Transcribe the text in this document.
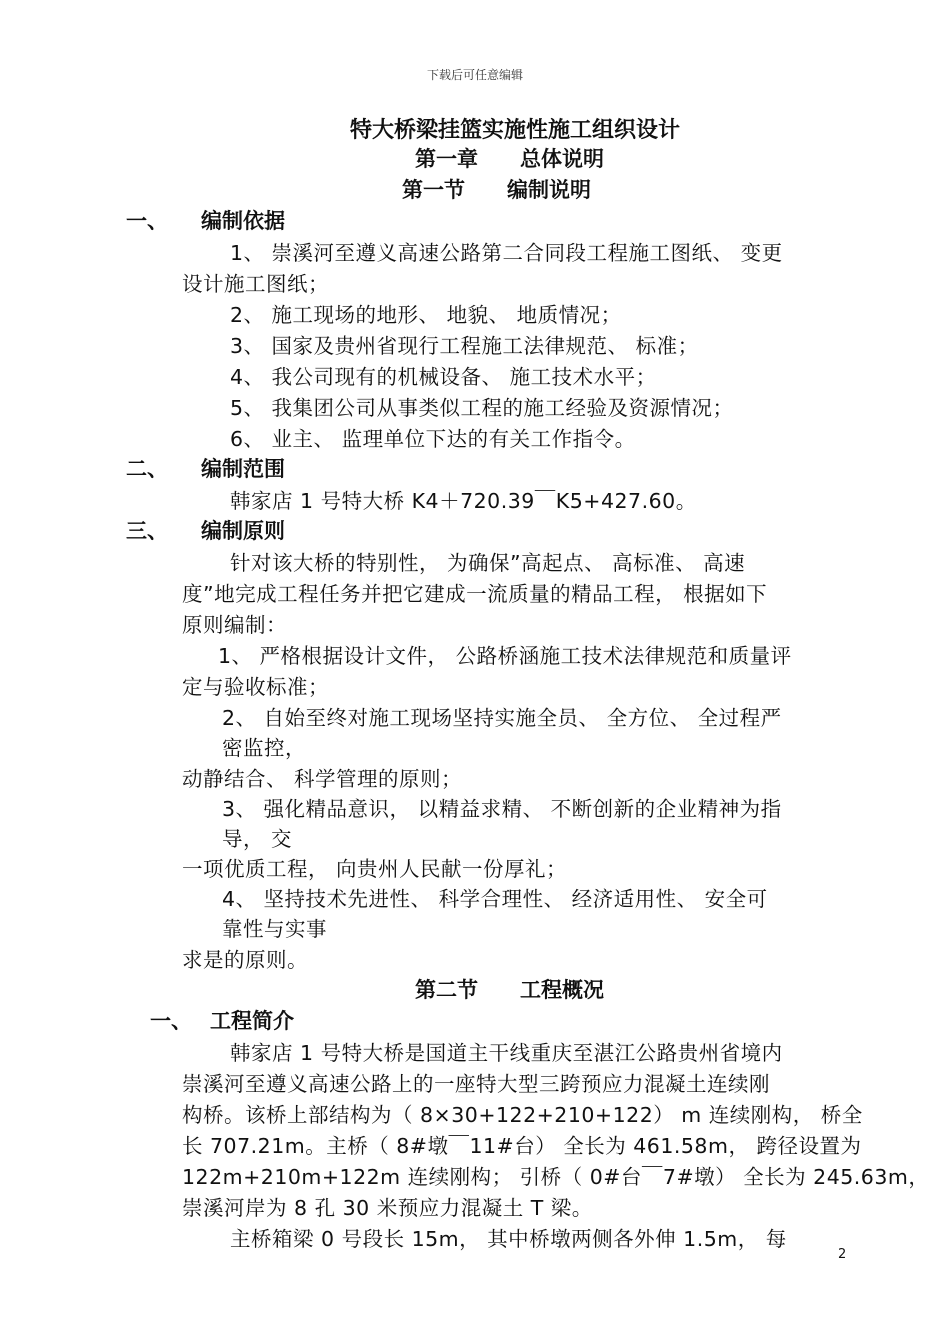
下载后可任意编辑
特大桥梁挂篮实施性施工组织设计
第一章 总体说明
第一节 编制说明
一、 编制依据
1、 崇溪河至遵义高速公路第二合同段工程施工图纸、 变更
设计施工图纸；
2、 施工现场的地形、 地貌、 地质情况；
3、 国家及贵州省现行工程施工法律规范、 标准；
4、 我公司现有的机械设备、 施工技术水平；
5、 我集团公司从事类似工程的施工经验及资源情况；
6、 业主、 监理单位下达的有关工作指令。
二、 编制范围
韩家店 1 号特大桥 K4＋720.39￣K5+427.60。
三、 编制原则
针对该大桥的特别性， 为确保”高起点、 高标准、 高速
度”地完成工程任务并把它建成一流质量的精品工程， 根据如下
原则编制：
1、 严格根据设计文件， 公路桥涵施工技术法律规范和质量评
定与验收标准；
2、 自始至终对施工现场坚持实施全员、 全方位、 全过程严
密监控，
动静结合、 科学管理的原则；
3、 强化精品意识， 以精益求精、 不断创新的企业精神为指
导， 交
一项优质工程， 向贵州人民献一份厚礼；
4、 坚持技术先进性、 科学合理性、 经济适用性、 安全可
靠性与实事
求是的原则。
第二节 工程概况
一、 工程简介
韩家店 1 号特大桥是国道主干线重庆至湛江公路贵州省境内
崇溪河至遵义高速公路上的一座特大型三跨预应力混凝土连续刚
构桥。该桥上部结构为（ 8×30+122+210+122） m 连续刚构， 桥全
长 707.21m。主桥（ 8#墩￣11#台） 全长为 461.58m， 跨径设置为
122m+210m+122m 连续刚构； 引桥（ 0#台￣7#墩） 全长为 245.63m，
崇溪河岸为 8 孔 30 米预应力混凝土 T 梁。
主桥箱梁 0 号段长 15m， 其中桥墩两侧各外伸 1.5m， 每
2
